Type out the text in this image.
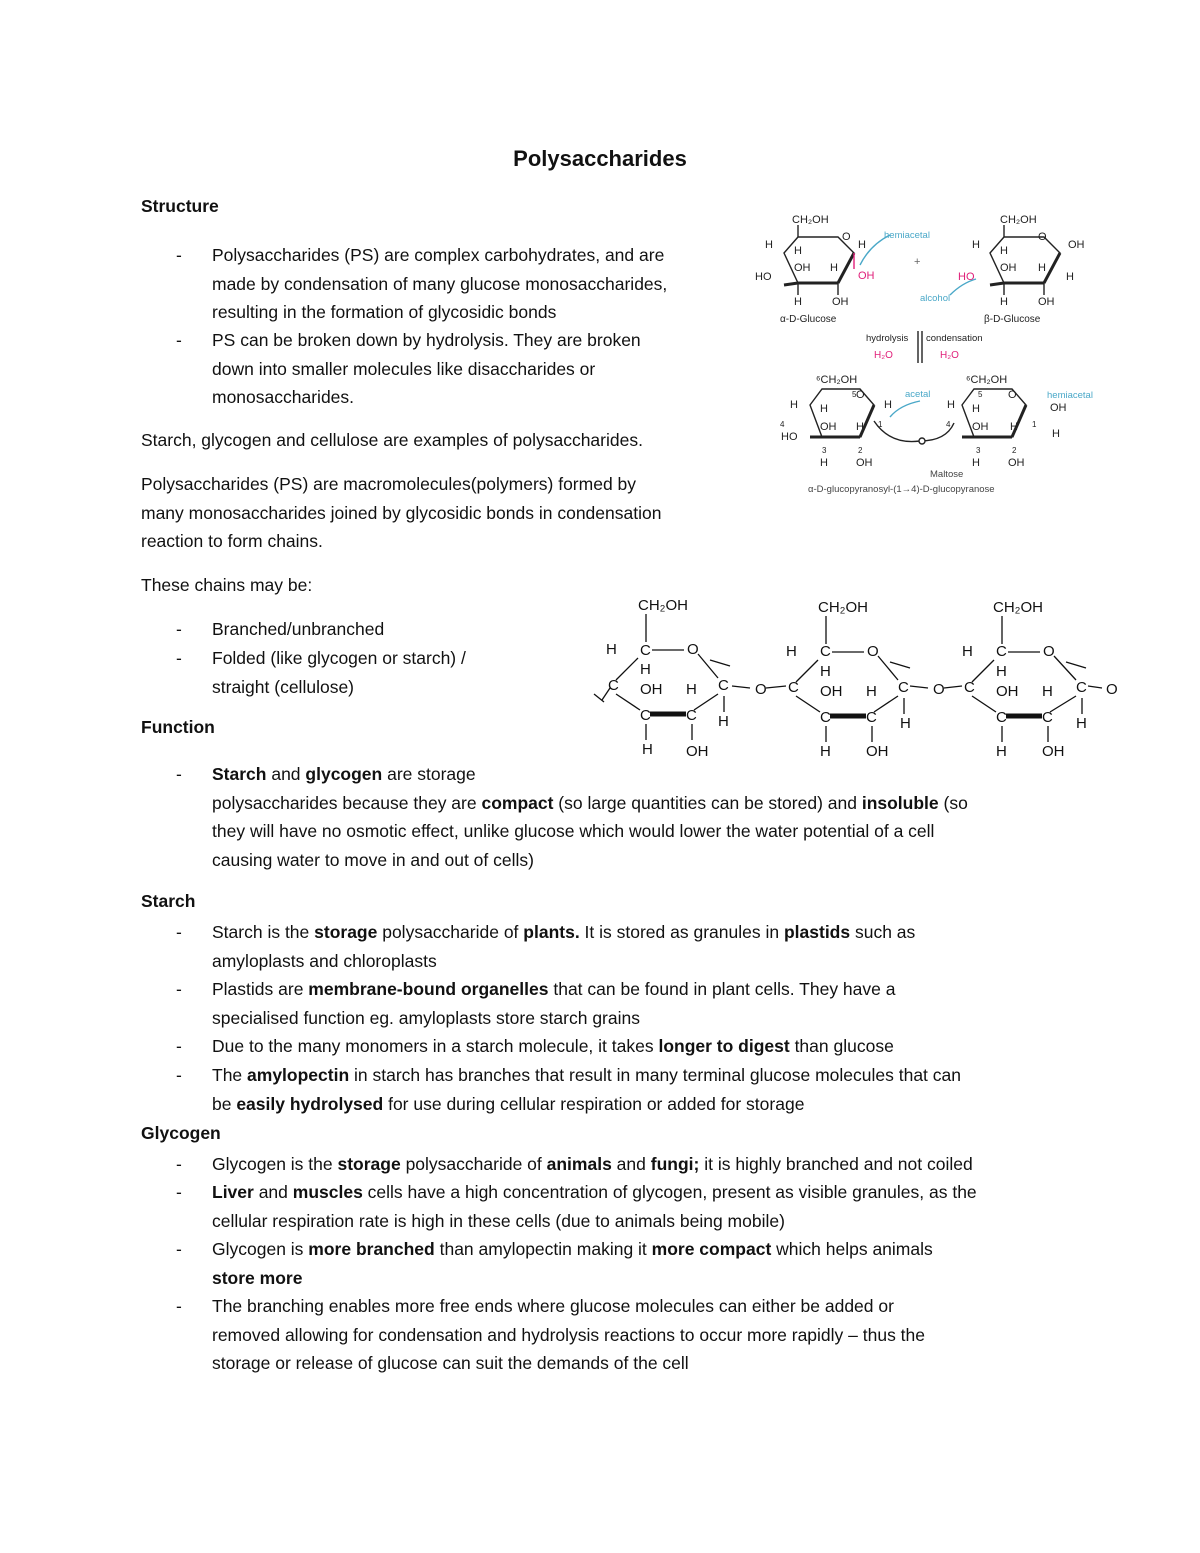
Polysaccharides
Structure
- Polysaccharides (PS) are complex carbohydrates, and are
made by condensation of many glucose monosaccharides,
resulting in the formation of glycosidic bonds
- PS can be broken down by hydrolysis. They are broken
down into smaller molecules like disaccharides or
monosaccharides.
Starch, glycogen and cellulose are examples of polysaccharides.
Polysaccharides (PS) are macromolecules(polymers) formed by
many monosaccharides joined by glycosidic bonds in condensation
reaction to form chains.
These chains may be:
- Branched/unbranched
- Folded (like glycogen or starch) /
straight (cellulose)
Function
- Starch and glycogen are storage
polysaccharides because they are compact (so large quantities can be stored) and insoluble (so
they will have no osmotic effect, unlike glucose which would lower the water potential of a cell
causing water to move in and out of cells)
Starch
- Starch is the storage polysaccharide of plants. It is stored as granules in plastids such as
amyloplasts and chloroplasts
- Plastids are membrane-bound organelles that can be found in plant cells. They have a
specialised function eg. amyloplasts store starch grains
- Due to the many monomers in a starch molecule, it takes longer to digest than glucose
- The amylopectin in starch has branches that result in many terminal glucose molecules that can
be easily hydrolysed for use during cellular respiration or added for storage
Glycogen
- Glycogen is the storage polysaccharide of animals and fungi; it is highly branched and not coiled
- Liver and muscles cells have a high concentration of glycogen, present as visible granules, as the
cellular respiration rate is high in these cells (due to animals being mobile)
- Glycogen is more branched than amylopectin making it more compact which helps animals
store more
- The branching enables more free ends where glucose molecules can either be added or
removed allowing for condensation and hydrolysis reactions to occur more rapidly – thus the
storage or release of glucose can suit the demands of the cell
CH₂OH
H H	H
O
OH H
HO	OH
H	OH
α-D-Glucose
CH₂OH
H H
O
OH
OH H
HO	H
H	OH
β-D-Glucose
hemiacetal
+
alcohol
hydrolysis condensation
H₂O	H₂O
⁶CH₂OH	⁶CH₂OH
5	5
O	O
acetal	hemiacetal
H H	H	H H	OH
4	1	4	1
OH H	OH H
HO	H
3	2	3	2
H	OH	H	OH
Maltose
α-D-glucopyranosyl-(1→4)-D-glucopyranose
CH₂OH	CH₂OH	CH₂OH
H C O
H
C OH H C O
C C H
H OH
H C O
H
C OH H C O
C C H
H OH
H C O
H
C OH H C O
C C H
H OH
